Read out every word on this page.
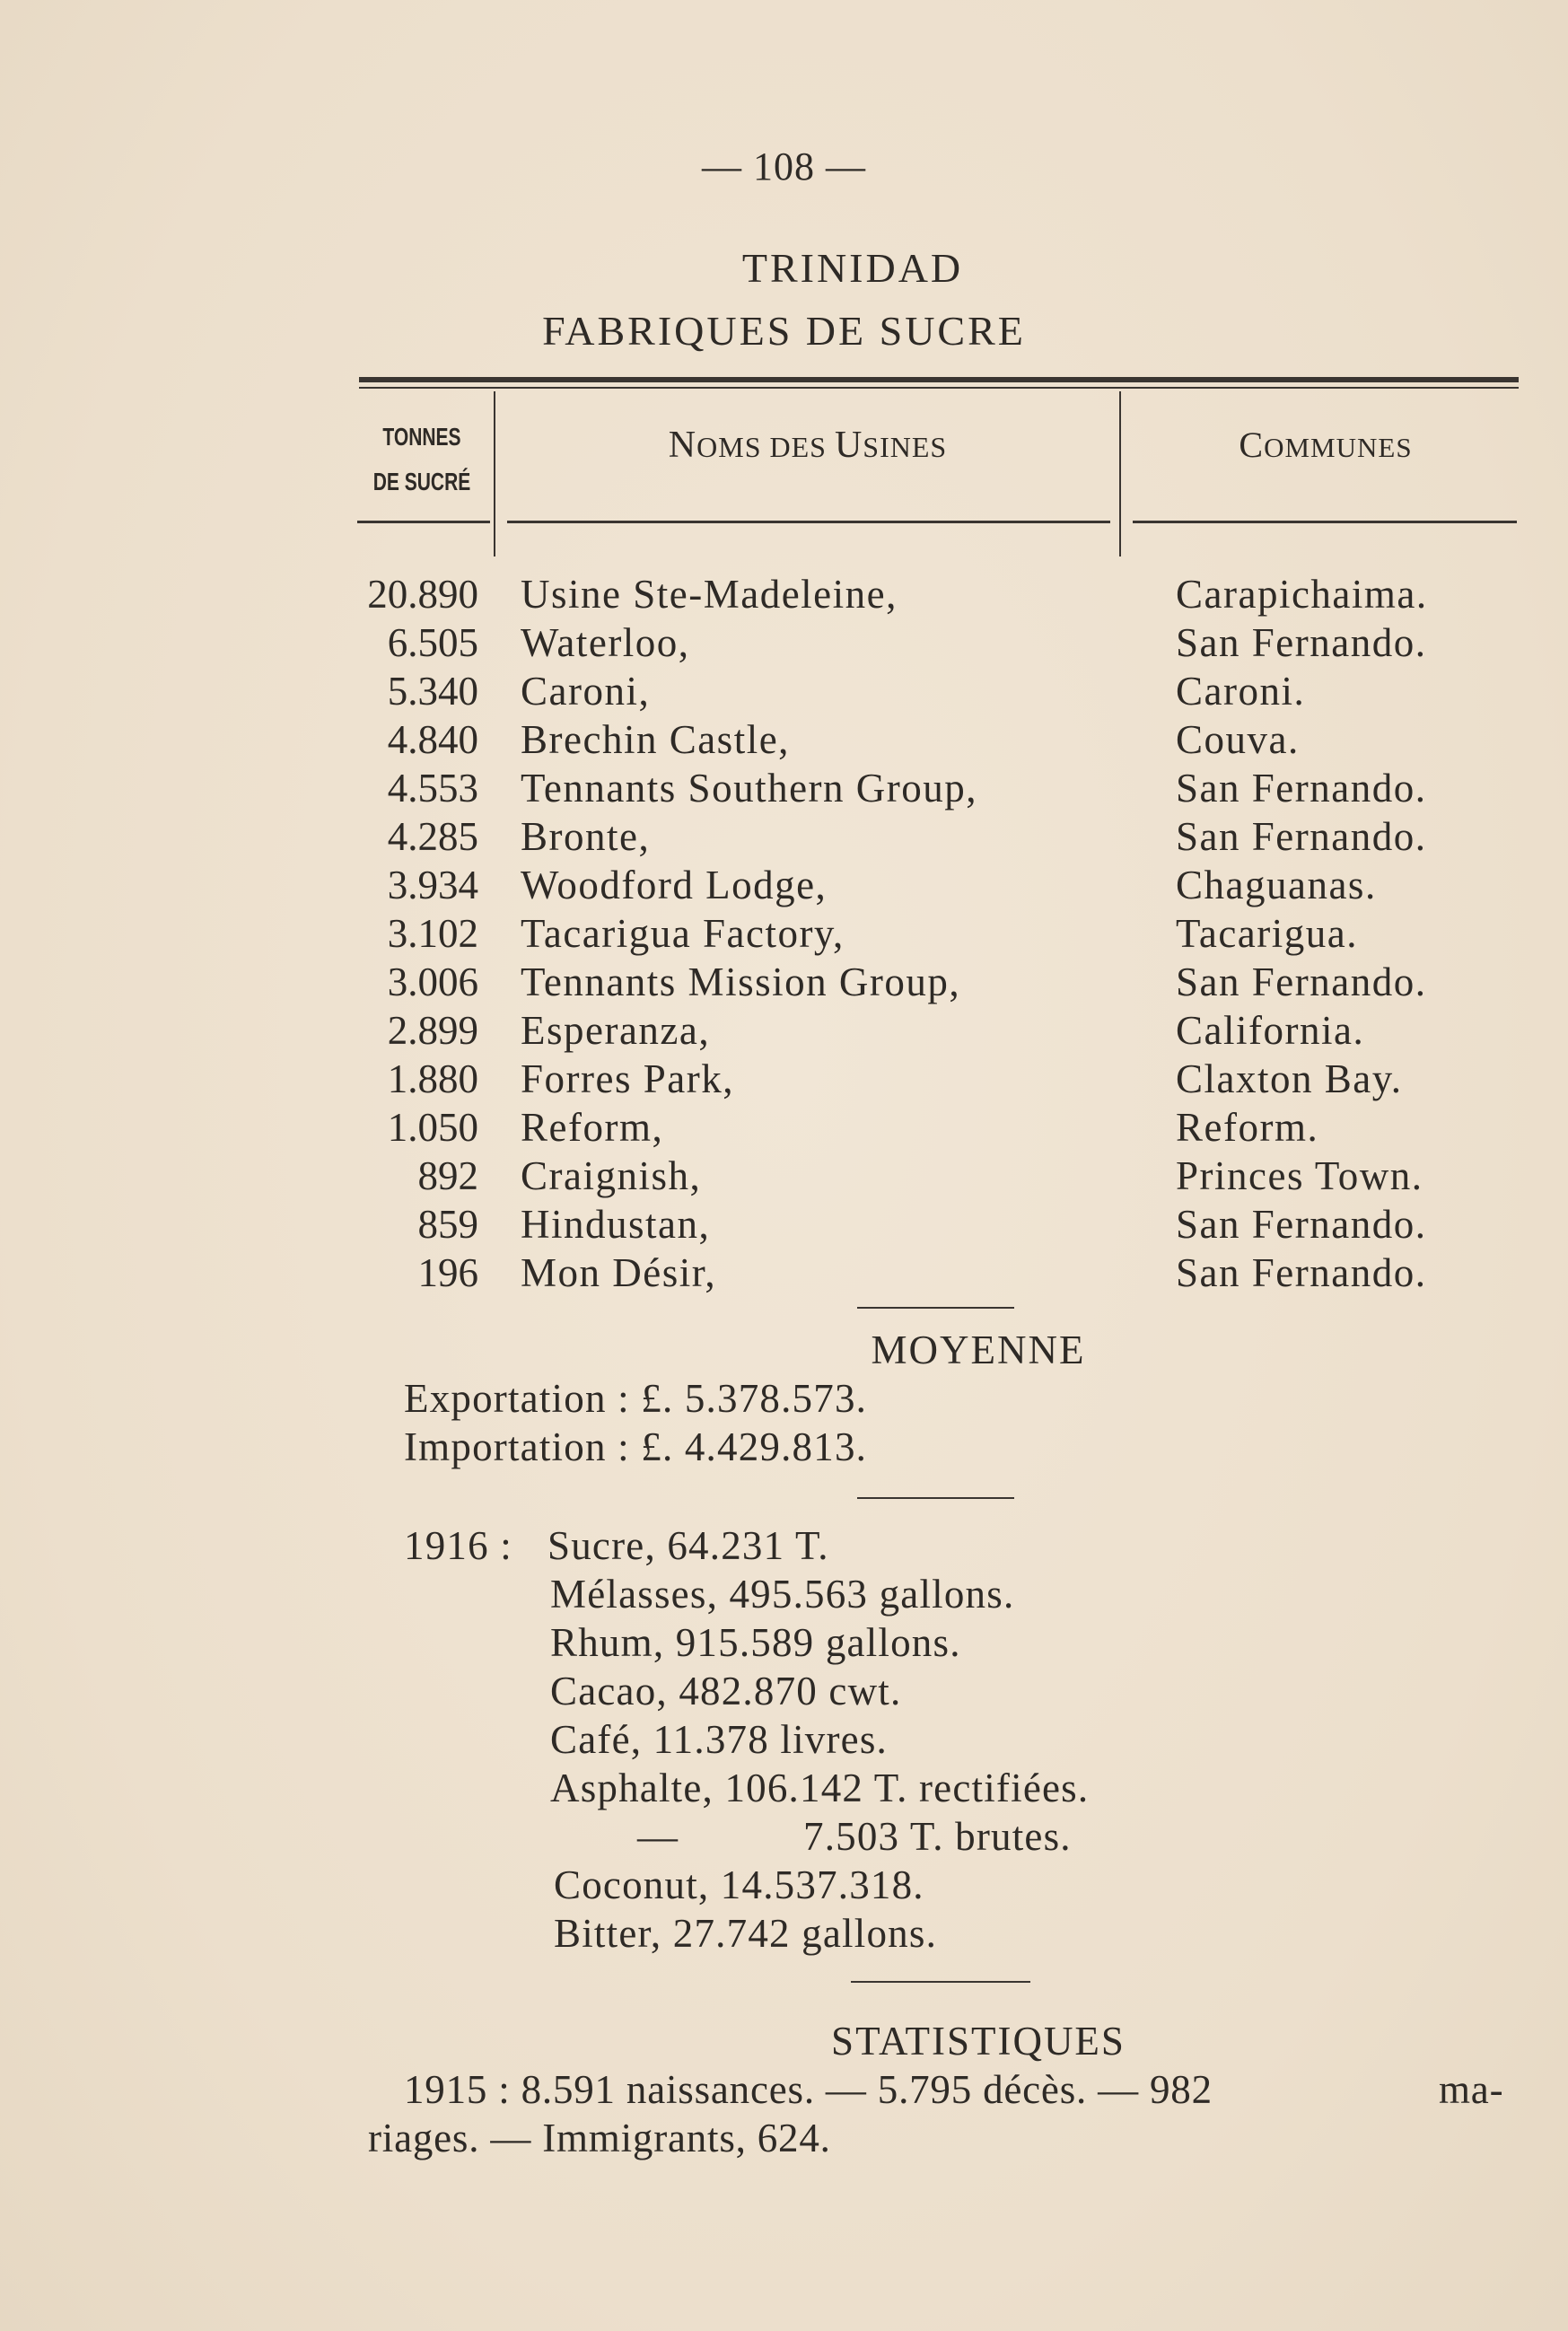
— 108 —
TRINIDAD
FABRIQUES DE SUCRE
TONNES
DE SUCRÉ
NOMS DES USINES	COMMUNES
20.890 Usine Ste-Madeleine,	Carapichaima.
6.505 Waterloo,	San Fernando.
5.340 Caroni,	Caroni.
4.840 Brechin Castle,	Couva.
4.553 Tennants Southern Group,	San Fernando.
4.285 Bronte,	San Fernando.
3.934 Woodford Lodge,	Chaguanas.
3.102 Tacarigua Factory,	Tacarigua.
3.006 Tennants Mission Group,	San Fernando.
2.899 Esperanza,	California.
1.880 Forres Park,	Claxton Bay.
1.050 Reform,	Reform.
892 Craignish,	Princes Town.
859 Hindustan,	San Fernando.
196 Mon Désir,	San Fernando.
MOYENNE
Exportation : £. 5.378.573.
Importation : £. 4.429.813.
1916 : Sucre, 64.231 T.
Mélasses, 495.563 gallons.
Rhum, 915.589 gallons.
Cacao, 482.870 cwt.
Café, 11.378 livres.
Asphalte, 106.142 T. rectifiées.
—	7.503 T. brutes.
Coconut, 14.537.318.
Bitter, 27.742 gallons.
STATISTIQUES
1915 : 8.591 naissances. — 5.795 décès. — 982	ma-
riages. — Immigrants, 624.
